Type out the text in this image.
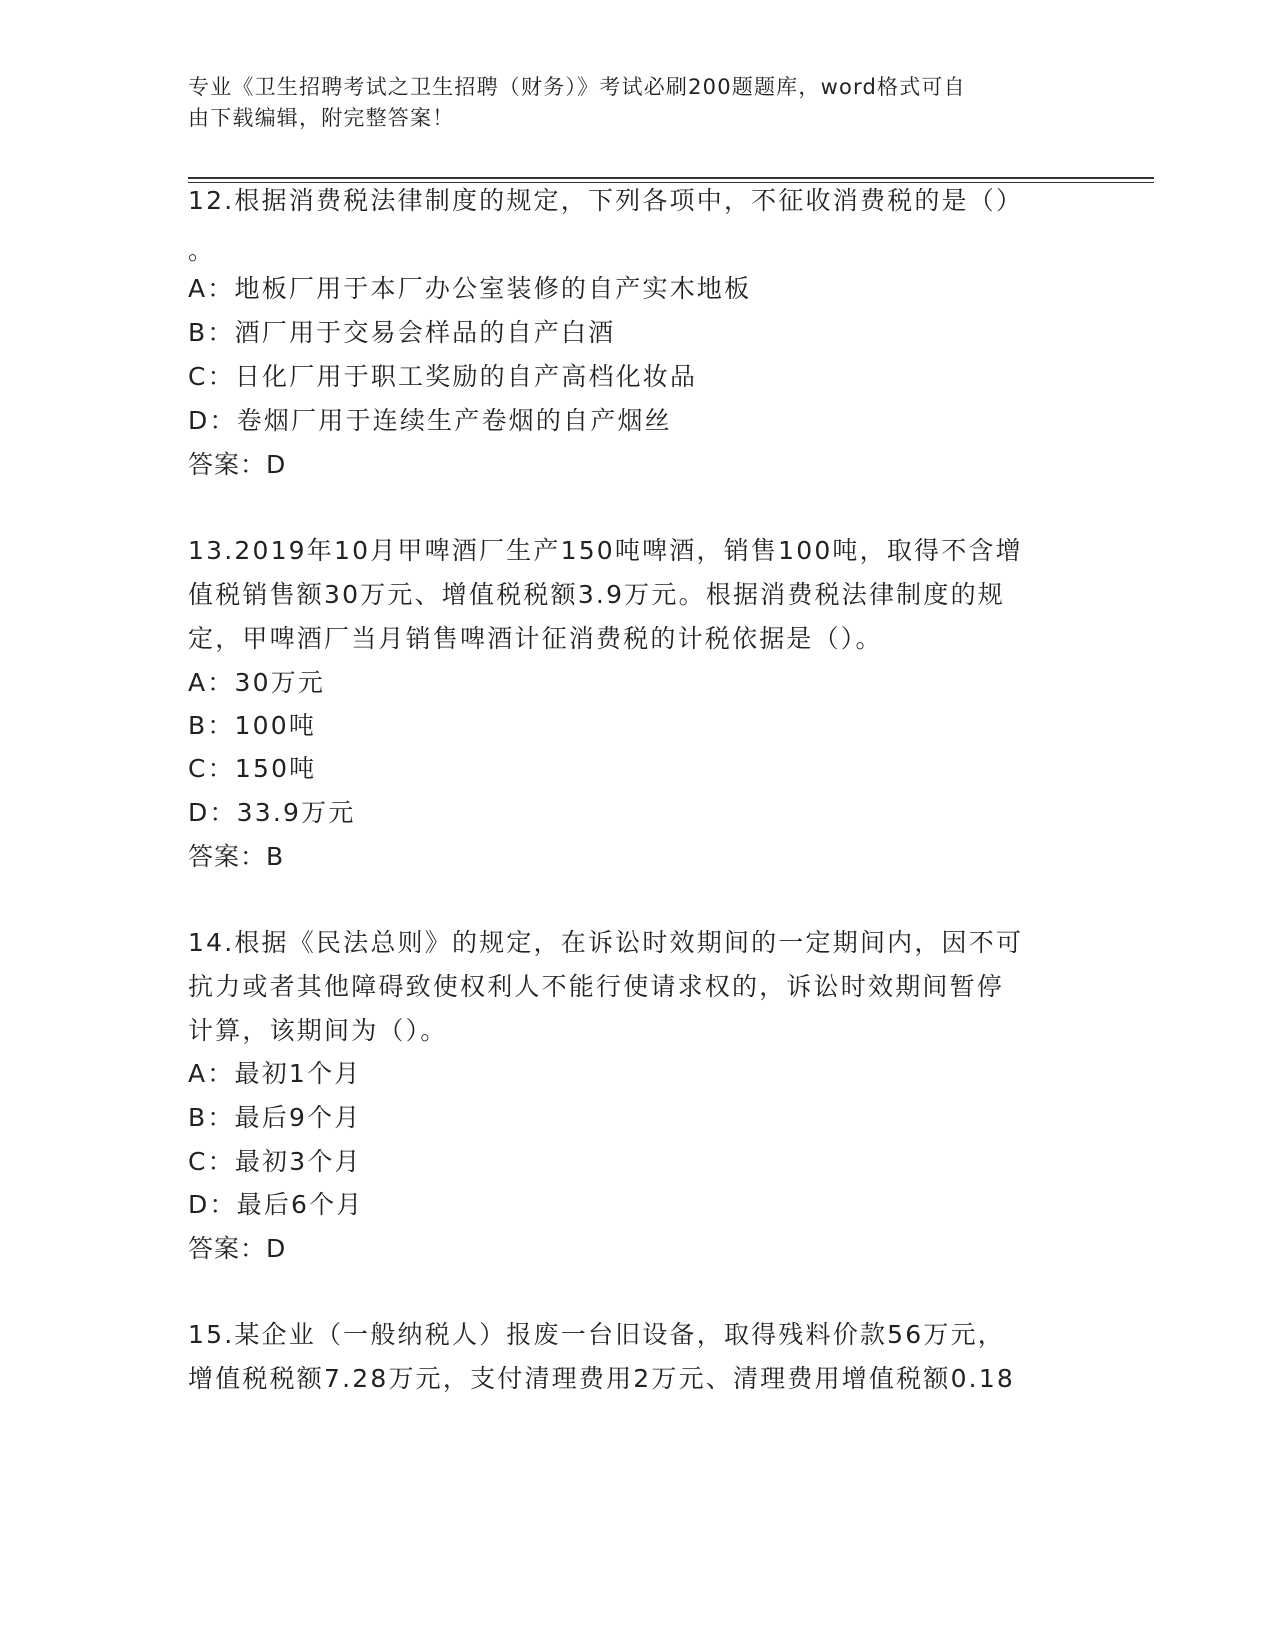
专业《卫生招聘考试之卫生招聘（财务）》考试必刷200题题库，word格式可自
由下载编辑，附完整答案！
12.根据消费税法律制度的规定，下列各项中，不征收消费税的是（）
。
A：地板厂用于本厂办公室装修的自产实木地板
B：酒厂用于交易会样品的自产白酒
C：日化厂用于职工奖励的自产高档化妆品
D：卷烟厂用于连续生产卷烟的自产烟丝
答案：D
13.2019年10月甲啤酒厂生产150吨啤酒，销售100吨，取得不含增
值税销售额30万元、增值税税额3.9万元。根据消费税法律制度的规
定，甲啤酒厂当月销售啤酒计征消费税的计税依据是（）。
A：30万元
B：100吨
C：150吨
D：33.9万元
答案：B
14.根据《民法总则》的规定，在诉讼时效期间的一定期间内，因不可
抗力或者其他障碍致使权利人不能行使请求权的，诉讼时效期间暂停
计算，该期间为（）。
A：最初1个月
B：最后9个月
C：最初3个月
D：最后6个月
答案：D
15.某企业（一般纳税人）报废一台旧设备，取得残料价款56万元，
增值税税额7.28万元，支付清理费用2万元、清理费用增值税额0.18
